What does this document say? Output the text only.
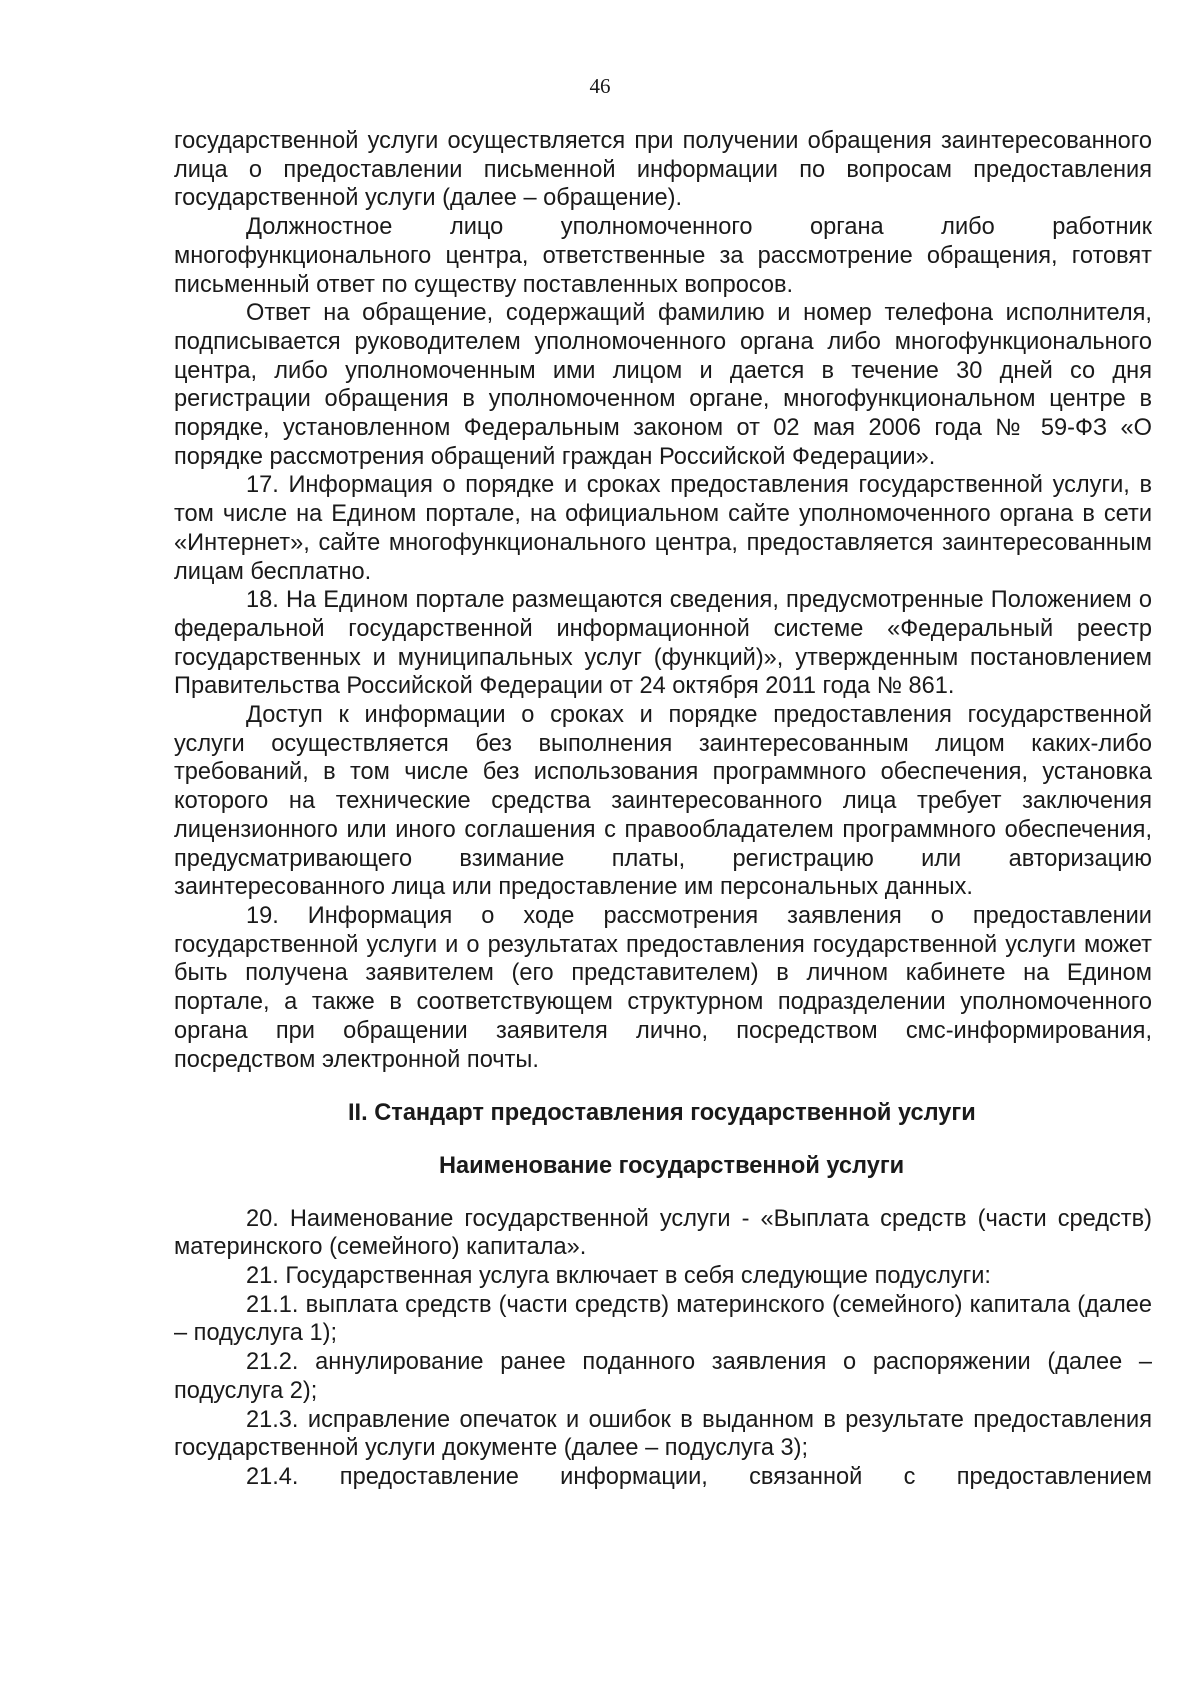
46

государственной услуги осуществляется при получении обращения заинтересованного лица о предоставлении письменной информации по вопросам предоставления государственной услуги (далее – обращение).

Должностное лицо уполномоченного органа либо работник многофункционального центра, ответственные за рассмотрение обращения, готовят письменный ответ по существу поставленных вопросов.

Ответ на обращение, содержащий фамилию и номер телефона исполнителя, подписывается руководителем уполномоченного органа либо многофункционального центра, либо уполномоченным ими лицом и дается в течение 30 дней со дня регистрации обращения в уполномоченном органе, многофункциональном центре в порядке, установленном Федеральным законом от 02 мая 2006 года № 59-ФЗ «О порядке рассмотрения обращений граждан Российской Федерации».

17. Информация о порядке и сроках предоставления государственной услуги, в том числе на Едином портале, на официальном сайте уполномоченного органа в сети «Интернет», сайте многофункционального центра, предоставляется заинтересованным лицам бесплатно.

18. На Едином портале размещаются сведения, предусмотренные Положением о федеральной государственной информационной системе «Федеральный реестр государственных и муниципальных услуг (функций)», утвержденным постановлением Правительства Российской Федерации от 24 октября 2011 года № 861.

Доступ к информации о сроках и порядке предоставления государственной услуги осуществляется без выполнения заинтересованным лицом каких-либо требований, в том числе без использования программного обеспечения, установка которого на технические средства заинтересованного лица требует заключения лицензионного или иного соглашения с правообладателем программного обеспечения, предусматривающего взимание платы, регистрацию или авторизацию заинтересованного лица или предоставление им персональных данных.

19. Информация о ходе рассмотрения заявления о предоставлении государственной услуги и о результатах предоставления государственной услуги может быть получена заявителем (его представителем) в личном кабинете на Едином портале, а также в соответствующем структурном подразделении уполномоченного органа при обращении заявителя лично, посредством смс-информирования, посредством электронной почты.

II. Стандарт предоставления государственной услуги
Наименование государственной услуги

20. Наименование государственной услуги - «Выплата средств (части средств) материнского (семейного) капитала».

21. Государственная услуга включает в себя следующие подуслуги:

21.1. выплата средств (части средств) материнского (семейного) капитала (далее – подуслуга 1);

21.2. аннулирование ранее поданного заявления о распоряжении (далее – подуслуга 2);

21.3. исправление опечаток и ошибок в выданном в результате предоставления государственной услуги документе (далее – подуслуга 3);

21.4. предоставление информации, связанной с предоставлением
